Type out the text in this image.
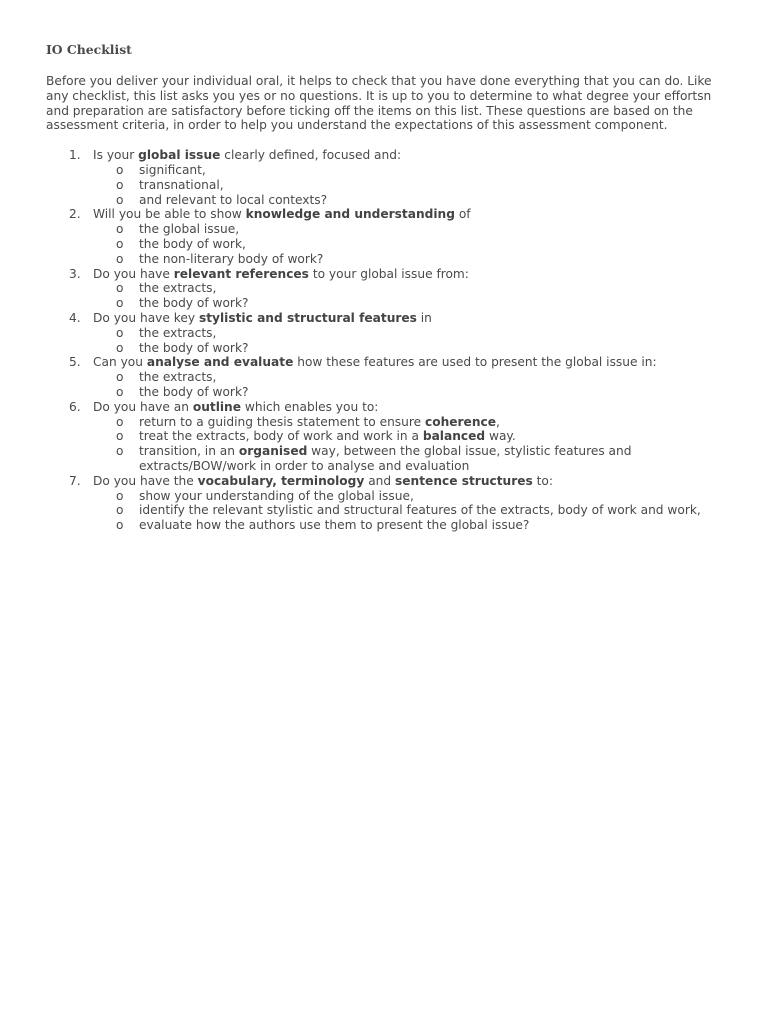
IO Checklist

Before you deliver your individual oral, it helps to check that you have done everything that you can do. Like any checklist, this list asks you yes or no questions. It is up to you to determine to what degree your effortsn and preparation are satisfactory before ticking off the items on this list. These questions are based on the assessment criteria, in order to help you understand the expectations of this assessment component.

1. Is your global issue clearly defined, focused and:
o significant,
o transnational,
o and relevant to local contexts?
2. Will you be able to show knowledge and understanding of
o the global issue,
o the body of work,
o the non-literary body of work?
3. Do you have relevant references to your global issue from:
o the extracts,
o the body of work?
4. Do you have key stylistic and structural features in
o the extracts,
o the body of work?
5. Can you analyse and evaluate how these features are used to present the global issue in:
o the extracts,
o the body of work?
6. Do you have an outline which enables you to:
o return to a guiding thesis statement to ensure coherence,
o treat the extracts, body of work and work in a balanced way.
o transition, in an organised way, between the global issue, stylistic features and extracts/BOW/work in order to analyse and evaluation
7. Do you have the vocabulary, terminology and sentence structures to:
o show your understanding of the global issue,
o identify the relevant stylistic and structural features of the extracts, body of work and work,
o evaluate how the authors use them to present the global issue?
